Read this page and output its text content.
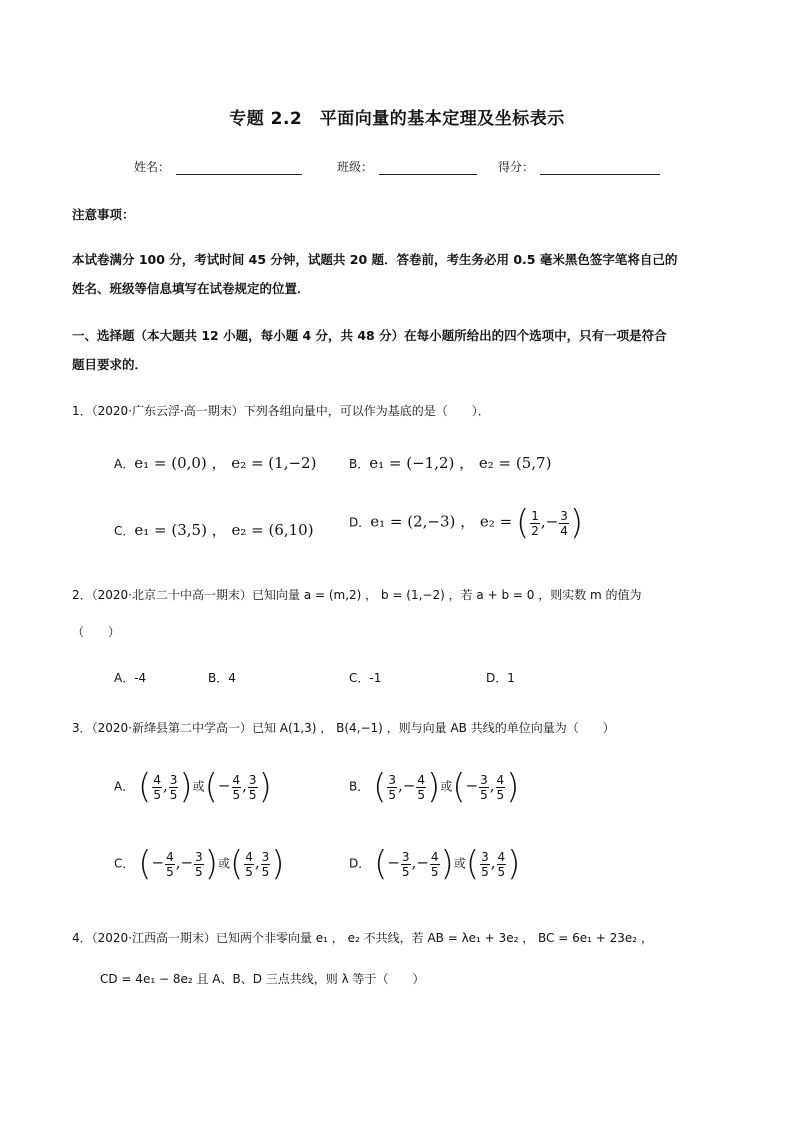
专题 2.2　平面向量的基本定理及坐标表示
姓名：	班级：	得分：
注意事项：
本试卷满分 100 分，考试时间 45 分钟，试题共 20 题．答卷前，考生务必用 0.5 毫米黑色签字笔将自己的
姓名、班级等信息填写在试卷规定的位置．
一、选择题（本大题共 12 小题，每小题 4 分，共 48 分）在每小题所给出的四个选项中，只有一项是符合
题目要求的．
1．（2020·广东云浮·高一期末）下列各组向量中，可以作为基底的是（　　）．
A．e₁ = (0,0) ， e₂ = (1,−2)	B．e₁ = (−1,2) ， e₂ = (5,7)
C．e₁ = (3,5) ， e₂ = (6,10)	D．e₁ = (2,−3) ， e₂ = ( $\frac{1}{2}$ ,− $\frac{3}{4}$ )
2．（2020·北京二十中高一期末）已知向量 a = (m,2) ， b = (1,−2) ，若 a + b = 0 ，则实数 m 的值为
（　　）
A．-4	B．4	C．-1	D．1
3．（2020·新绛县第二中学高一）已知 A(1,3) ， B(4,−1) ，则与向量 AB 共线的单位向量为（　　）
A． ( $\frac{4}{5}$ , $\frac{3}{5}$ )或(− $\frac{4}{5}$ , $\frac{3}{5}$ )	B． ( $\frac{3}{5}$ ,− $\frac{4}{5}$ )或(− $\frac{3}{5}$ , $\frac{4}{5}$ )
C． (− $\frac{4}{5}$ ,− $\frac{3}{5}$ )或( $\frac{4}{5}$ , $\frac{3}{5}$ )	D． (− $\frac{3}{5}$ ,− $\frac{4}{5}$ )或( $\frac{3}{5}$ , $\frac{4}{5}$ )
4．（2020·江西高一期末）已知两个非零向量 e₁ ， e₂ 不共线，若 AB = λe₁ + 3e₂ ， BC = 6e₁ + 23e₂ ，
CD = 4e₁ − 8e₂ 且 A、B、D 三点共线，则 λ 等于（　　）
